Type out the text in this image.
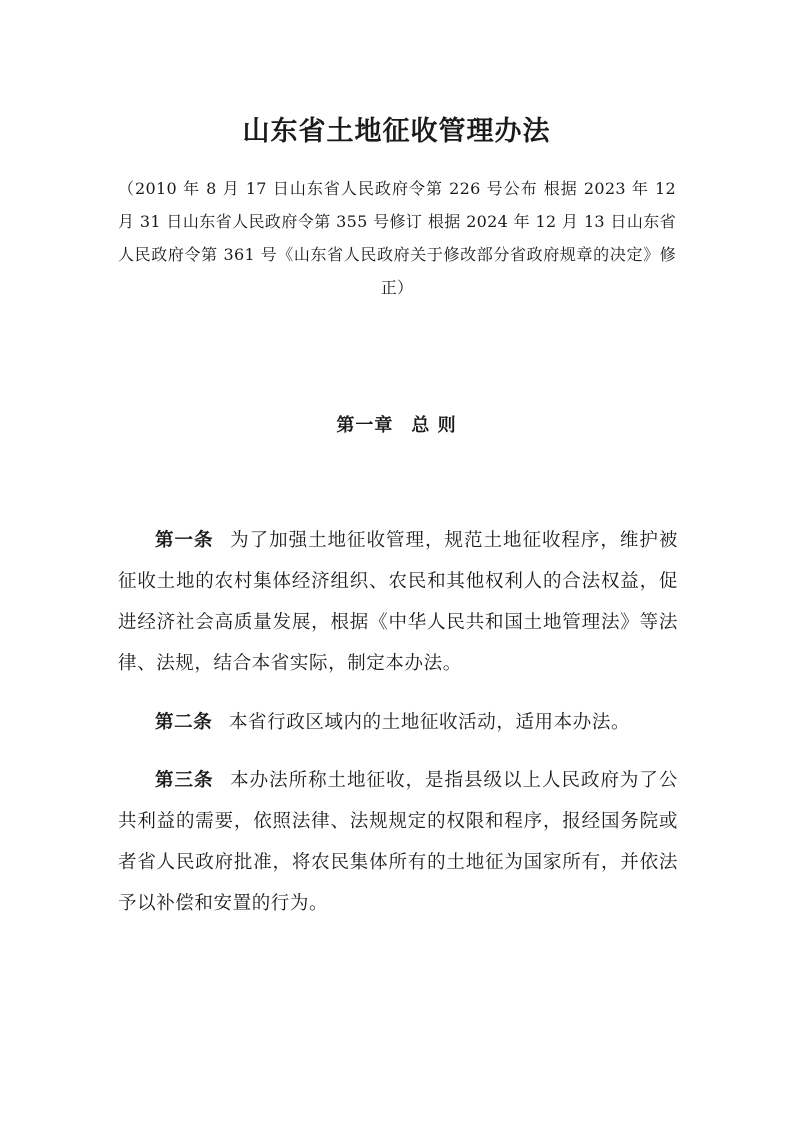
山东省土地征收管理办法

（2010 年 8 月 17 日山东省人民政府令第 226 号公布 根据 2023 年 12 月 31 日山东省人民政府令第 355 号修订 根据 2024 年 12 月 13 日山东省人民政府令第 361 号《山东省人民政府关于修改部分省政府规章的决定》修正）

第一章 总 则

第一条 为了加强土地征收管理，规范土地征收程序，维护被征收土地的农村集体经济组织、农民和其他权利人的合法权益，促进经济社会高质量发展，根据《中华人民共和国土地管理法》等法律、法规，结合本省实际，制定本办法。

第二条 本省行政区域内的土地征收活动，适用本办法。

第三条 本办法所称土地征收，是指县级以上人民政府为了公共利益的需要，依照法律、法规规定的权限和程序，报经国务院或者省人民政府批准，将农民集体所有的土地征为国家所有，并依法予以补偿和安置的行为。
